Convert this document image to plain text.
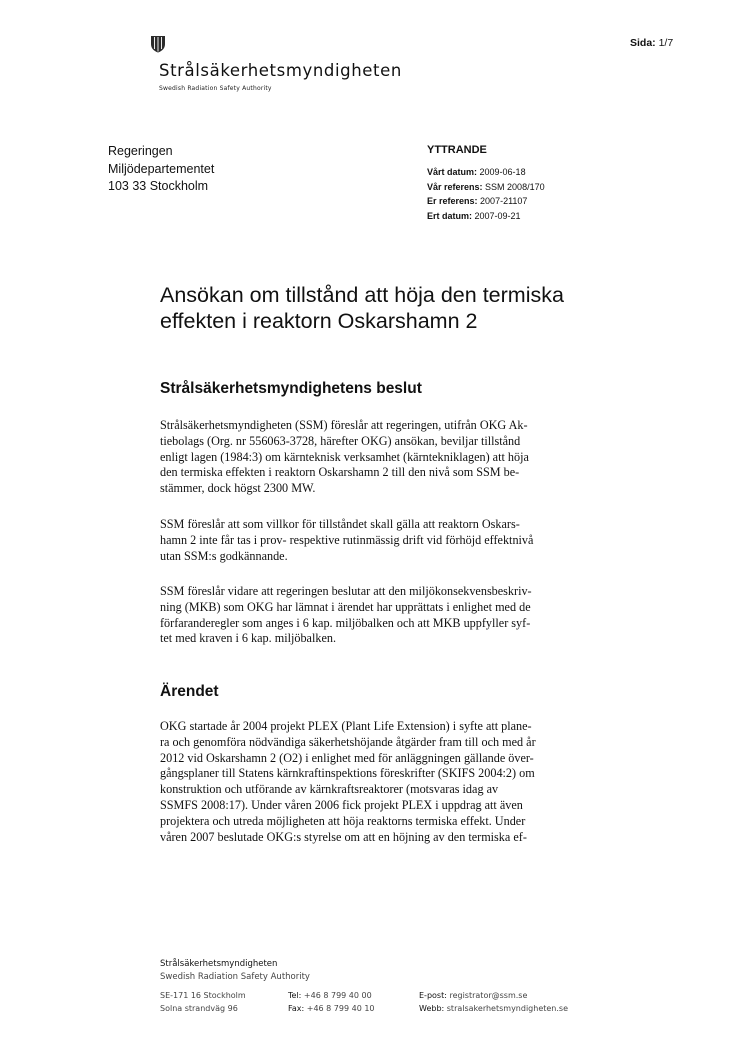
Strålsäkerhetsmyndigheten
Swedish Radiation Safety Authority
Sida: 1/7
Regeringen
Miljödepartementet
103 33 Stockholm
YTTRANDE
Vårt datum: 2009-06-18
Vår referens: SSM 2008/170
Er referens: 2007-21107
Ert datum: 2007-09-21
Ansökan om tillstånd att höja den termiska
effekten i reaktorn Oskarshamn 2
Strålsäkerhetsmyndighetens beslut
Strålsäkerhetsmyndigheten (SSM) föreslår att regeringen, utifrån OKG Ak-
tiebolags (Org. nr 556063-3728, härefter OKG) ansökan, beviljar tillstånd
enligt lagen (1984:3) om kärnteknisk verksamhet (kärntekniklagen) att höja
den termiska effekten i reaktorn Oskarshamn 2 till den nivå som SSM be-
stämmer, dock högst 2300 MW.
SSM föreslår att som villkor för tillståndet skall gälla att reaktorn Oskars-
hamn 2 inte får tas i prov- respektive rutinmässig drift vid förhöjd effektnivå
utan SSM:s godkännande.
SSM föreslår vidare att regeringen beslutar att den miljökonsekvensbeskriv-
ning (MKB) som OKG har lämnat i ärendet har upprättats i enlighet med de
förfaranderegler som anges i 6 kap. miljöbalken och att MKB uppfyller syf-
tet med kraven i 6 kap. miljöbalken.
Ärendet
OKG startade år 2004 projekt PLEX (Plant Life Extension) i syfte att plane-
ra och genomföra nödvändiga säkerhetshöjande åtgärder fram till och med år
2012 vid Oskarshamn 2 (O2) i enlighet med för anläggningen gällande över-
gångsplaner till Statens kärnkraftinspektions föreskrifter (SKIFS 2004:2) om
konstruktion och utförande av kärnkraftsreaktorer (motsvaras idag av
SSMFS 2008:17). Under våren 2006 fick projekt PLEX i uppdrag att även
projektera och utreda möjligheten att höja reaktorns termiska effekt. Under
våren 2007 beslutade OKG:s styrelse om att en höjning av den termiska ef-
Strålsäkerhetsmyndigheten
Swedish Radiation Safety Authority
SE-171 16 Stockholm
Solna strandväg 96
Tel: +46 8 799 40 00
Fax: +46 8 799 40 10
E-post: registrator@ssm.se
Webb: stralsakerhetsmyndigheten.se
